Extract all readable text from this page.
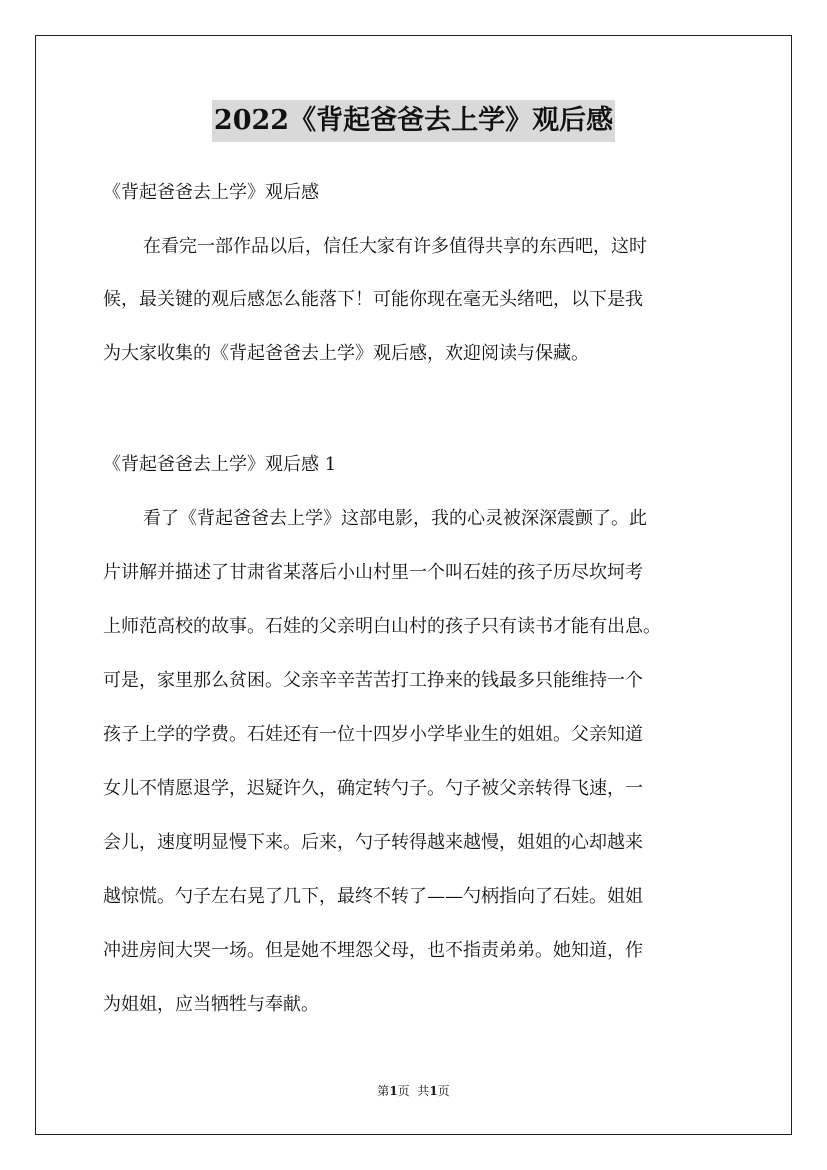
2022《背起爸爸去上学》观后感
《背起爸爸去上学》观后感
在看完一部作品以后，信任大家有许多值得共享的东西吧，这时
候，最关键的观后感怎么能落下！可能你现在毫无头绪吧，以下是我
为大家收集的《背起爸爸去上学》观后感，欢迎阅读与保藏。
《背起爸爸去上学》观后感 1
看了《背起爸爸去上学》这部电影，我的心灵被深深震颤了。此
片讲解并描述了甘肃省某落后小山村里一个叫石娃的孩子历尽坎坷考
上师范高校的故事。石娃的父亲明白山村的孩子只有读书才能有出息。
可是，家里那么贫困。父亲辛辛苦苦打工挣来的钱最多只能维持一个
孩子上学的学费。石娃还有一位十四岁小学毕业生的姐姐。父亲知道
女儿不情愿退学，迟疑许久，确定转勺子。勺子被父亲转得飞速，一
会儿，速度明显慢下来。后来，勺子转得越来越慢，姐姐的心却越来
越惊慌。勺子左右晃了几下，最终不转了——勺柄指向了石娃。姐姐
冲进房间大哭一场。但是她不埋怨父母，也不指责弟弟。她知道，作
为姐姐，应当牺牲与奉献。
第1页  共1页
